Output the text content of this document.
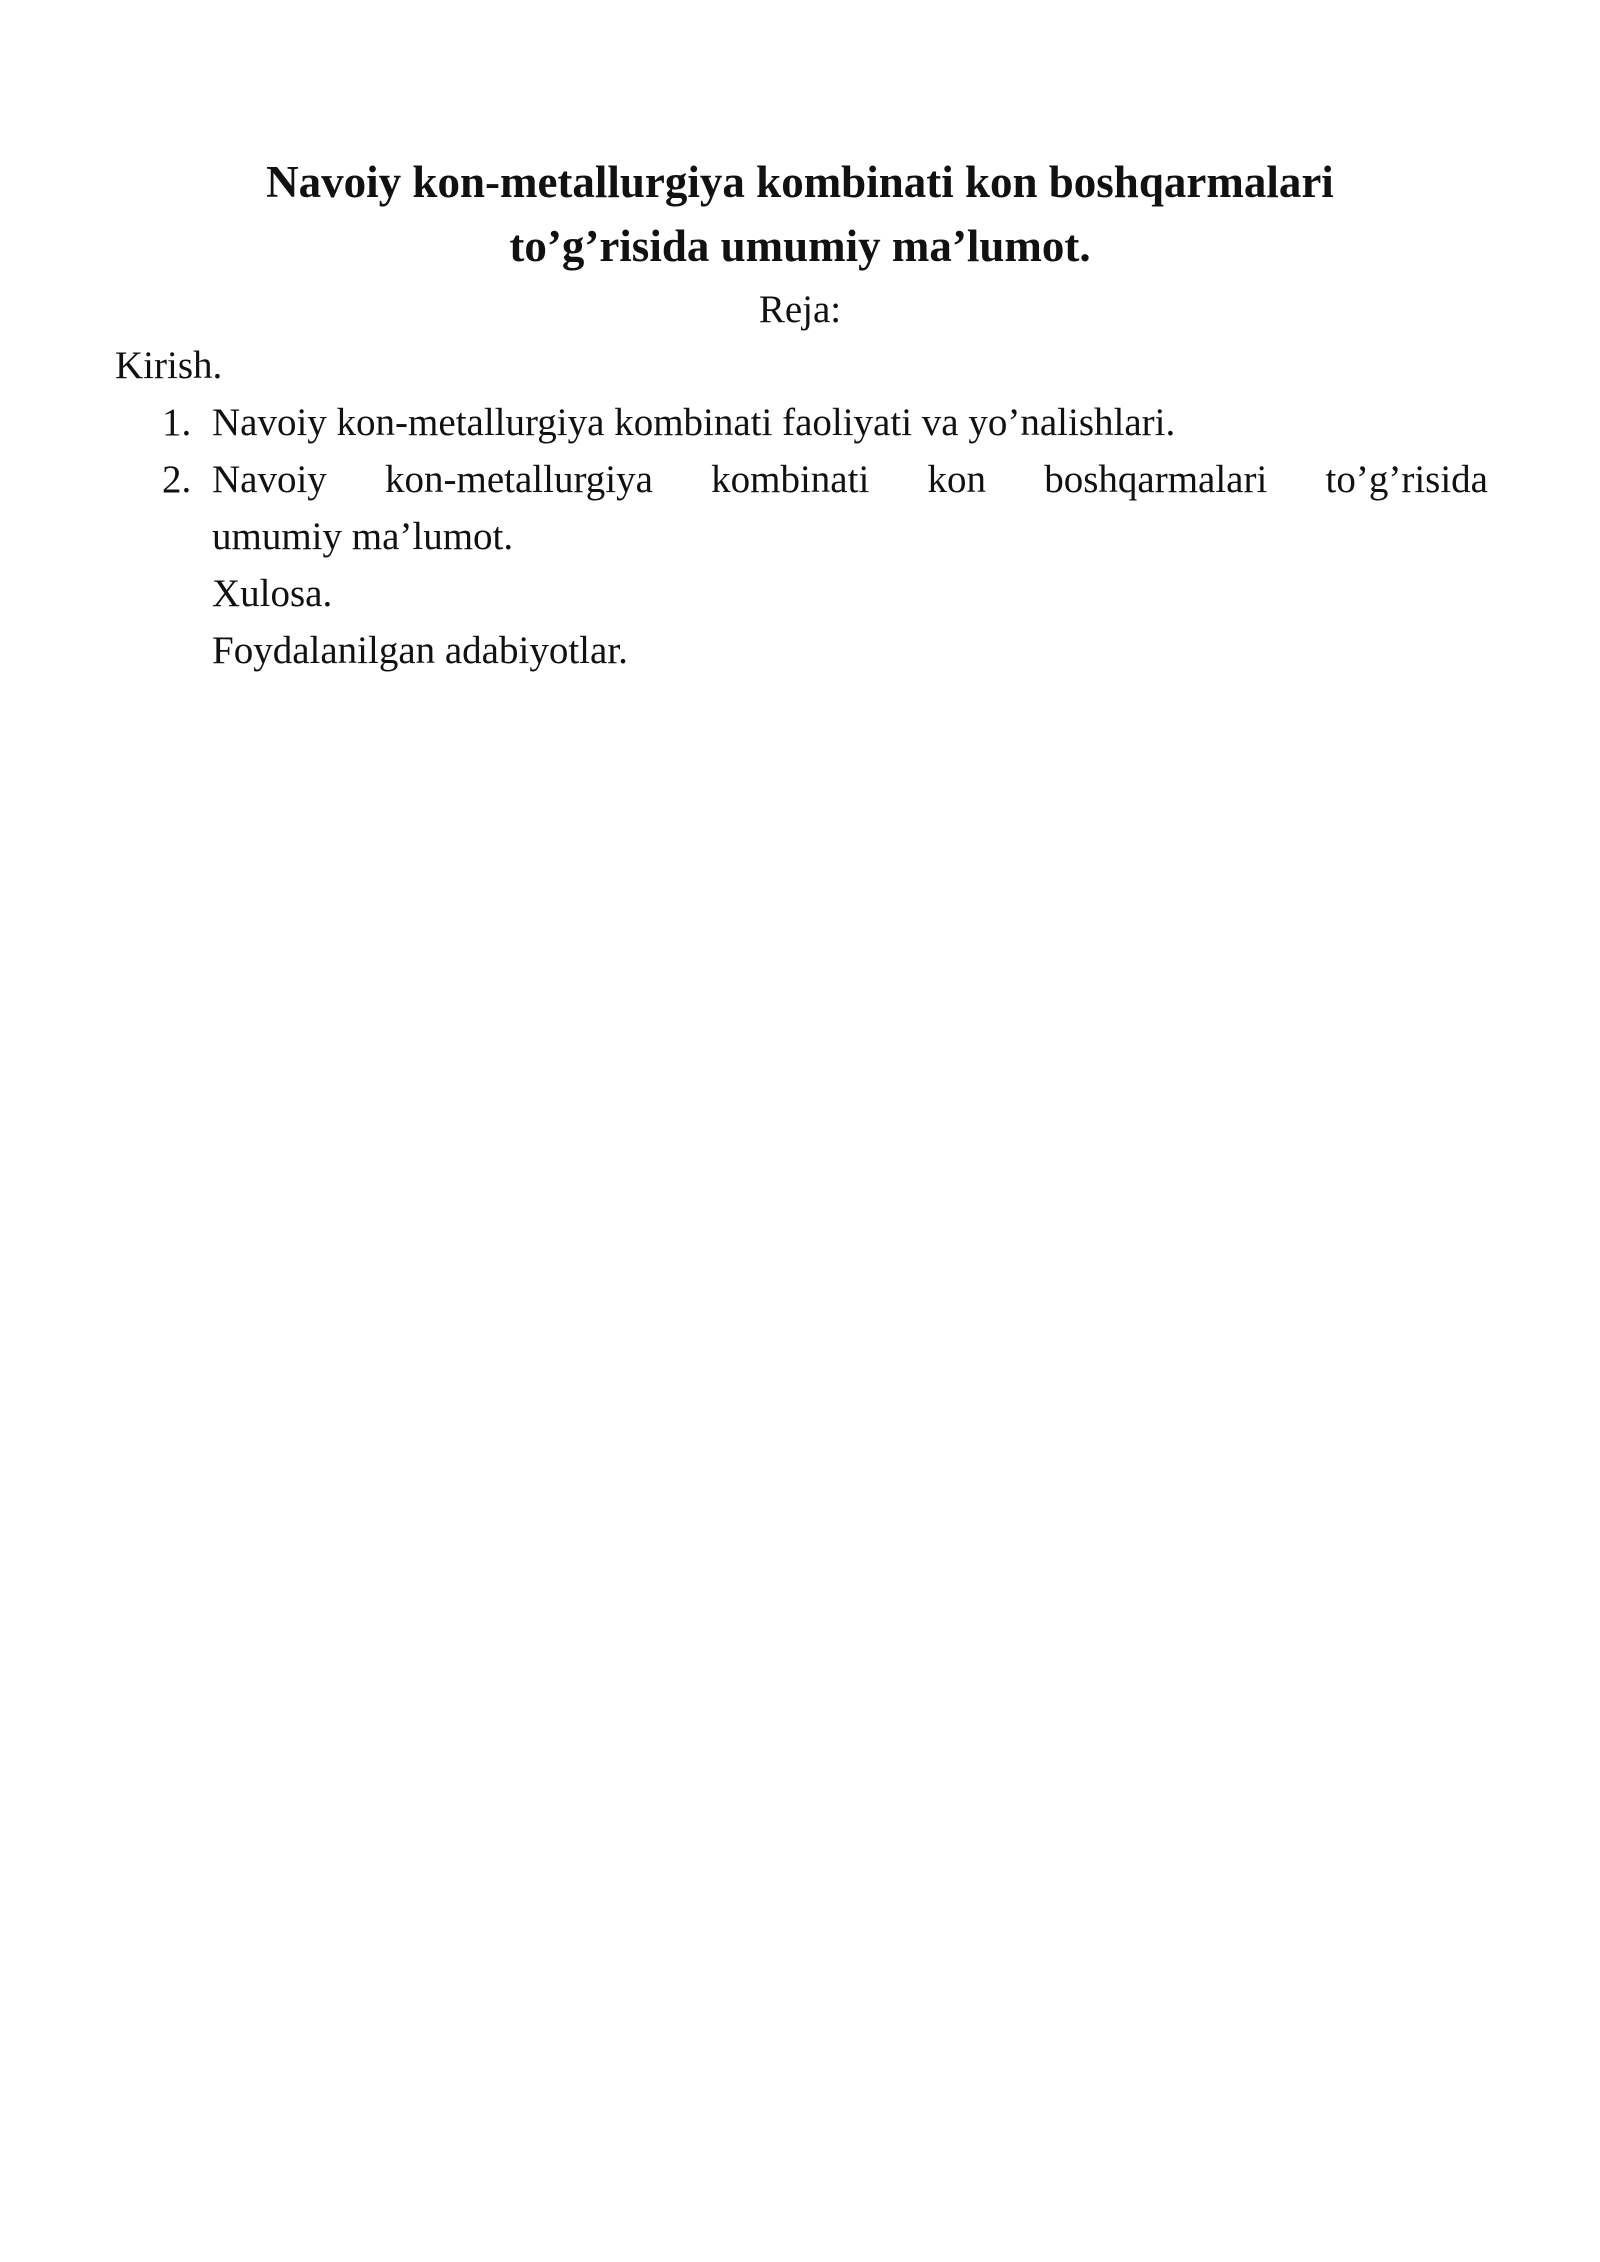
Navoiy kon-metallurgiya kombinati kon boshqarmalari
to’g’risida umumiy ma’lumot.
Reja:
Kirish.
1. Navoiy kon-metallurgiya kombinati faoliyati va yo’nalishlari.
2. Navoiy kon-metallurgiya kombinati kon boshqarmalari to’g’risida
umumiy ma’lumot.
Xulosa.
Foydalanilgan adabiyotlar.
